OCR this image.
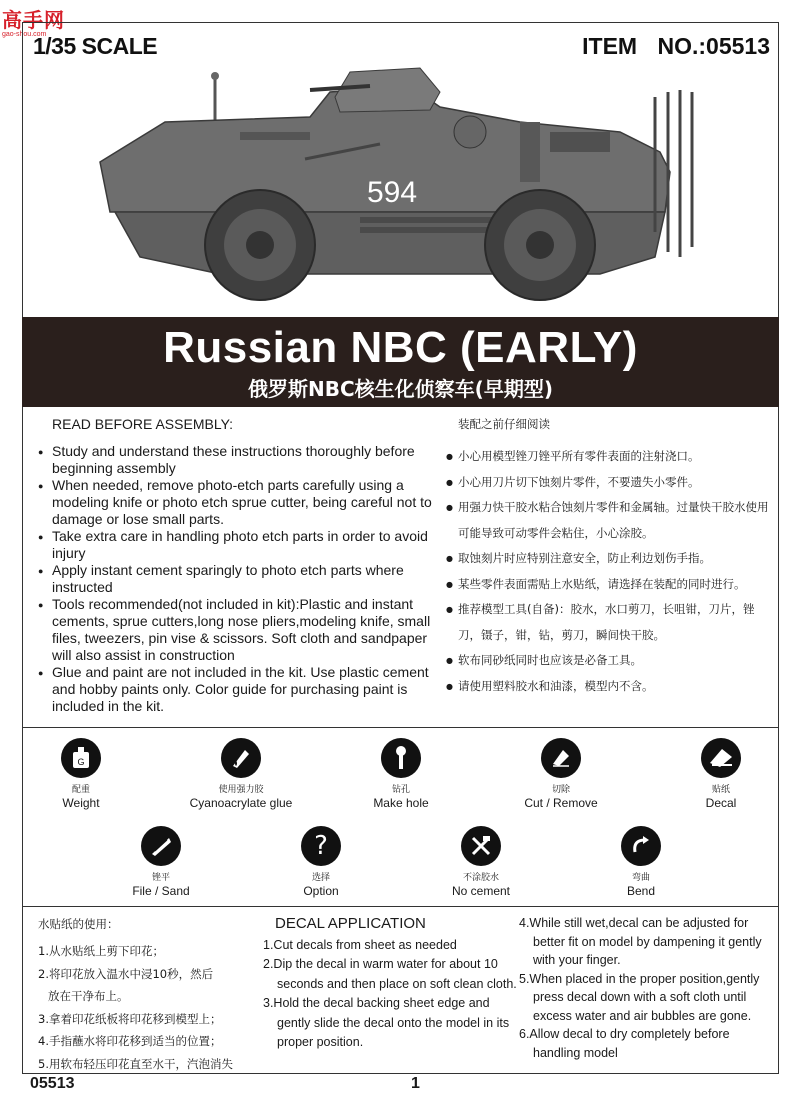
高手网
gao-shou.com
1/35 SCALE	ITEM NO.:05513
594
Russian NBC (EARLY)
俄罗斯NBC核生化侦察车(早期型)
READ BEFORE ASSEMBLY:
● Study and understand these instructions thoroughly before beginning assembly
● When needed, remove photo-etch parts carefully using a modeling knife or photo etch sprue cutter, being careful not to damage or lose small parts.
● Take extra care in handling photo etch parts in order to avoid injury
● Apply instant cement sparingly to photo etch parts where instructed
● Tools recommended(not included in kit):Plastic and instant cements, sprue cutters,long nose pliers,modeling knife, small files, tweezers, pin vise & scissors. Soft cloth and sandpaper will also assist in construction
● Glue and paint are not included in the kit. Use plastic cement and hobby paints only. Color guide for purchasing paint is included in the kit.
装配之前仔细阅读
● 小心用模型锉刀锉平所有零件表面的注射浇口。
● 小心用刀片切下蚀刻片零件，不要遗失小零件。
● 用强力快干胶水粘合蚀刻片零件和金属轴。过量快干胶水使用可能导致可动零件会粘住，小心涂胶。
● 取蚀刻片时应特别注意安全，防止利边划伤手指。
● 某些零件表面需贴上水贴纸，请选择在装配的同时进行。
● 推荐模型工具(自备)：胶水，水口剪刀，长咀钳，刀片，锉刀，镊子，钳，钻，剪刀，瞬间快干胶。
● 软布同砂纸同时也应该是必备工具。
● 请使用塑料胶水和油漆，模型内不含。
G
配重
Weight
使用强力胶
Cyanoacrylate glue
钻孔
Make hole
切除
Cut / Remove
贴纸
Decal
锉平
File / Sand
?
选择
Option
不涂胶水
No cement
弯曲
Bend
水贴纸的使用：
1.从水贴纸上剪下印花；
2.将印花放入温水中浸10秒，然后
放在干净布上。
3.拿着印花纸板将印花移到模型上；
4.手指蘸水将印花移到适当的位置；
5.用软布轻压印花直至水干，汽泡消失
DECAL APPLICATION
1.Cut decals from sheet as needed
2.Dip the decal in warm water for about 10 seconds and then place on soft clean cloth.
3.Hold the decal backing sheet edge and gently slide the decal onto the model in its proper position.
4.While still wet,decal can be adjusted for better fit on model by dampening it gently with your finger.
5.When placed in the proper position,gently press decal down with a soft cloth until excess water and air bubbles are gone.
6.Allow decal to dry completely before handling model
05513	1
